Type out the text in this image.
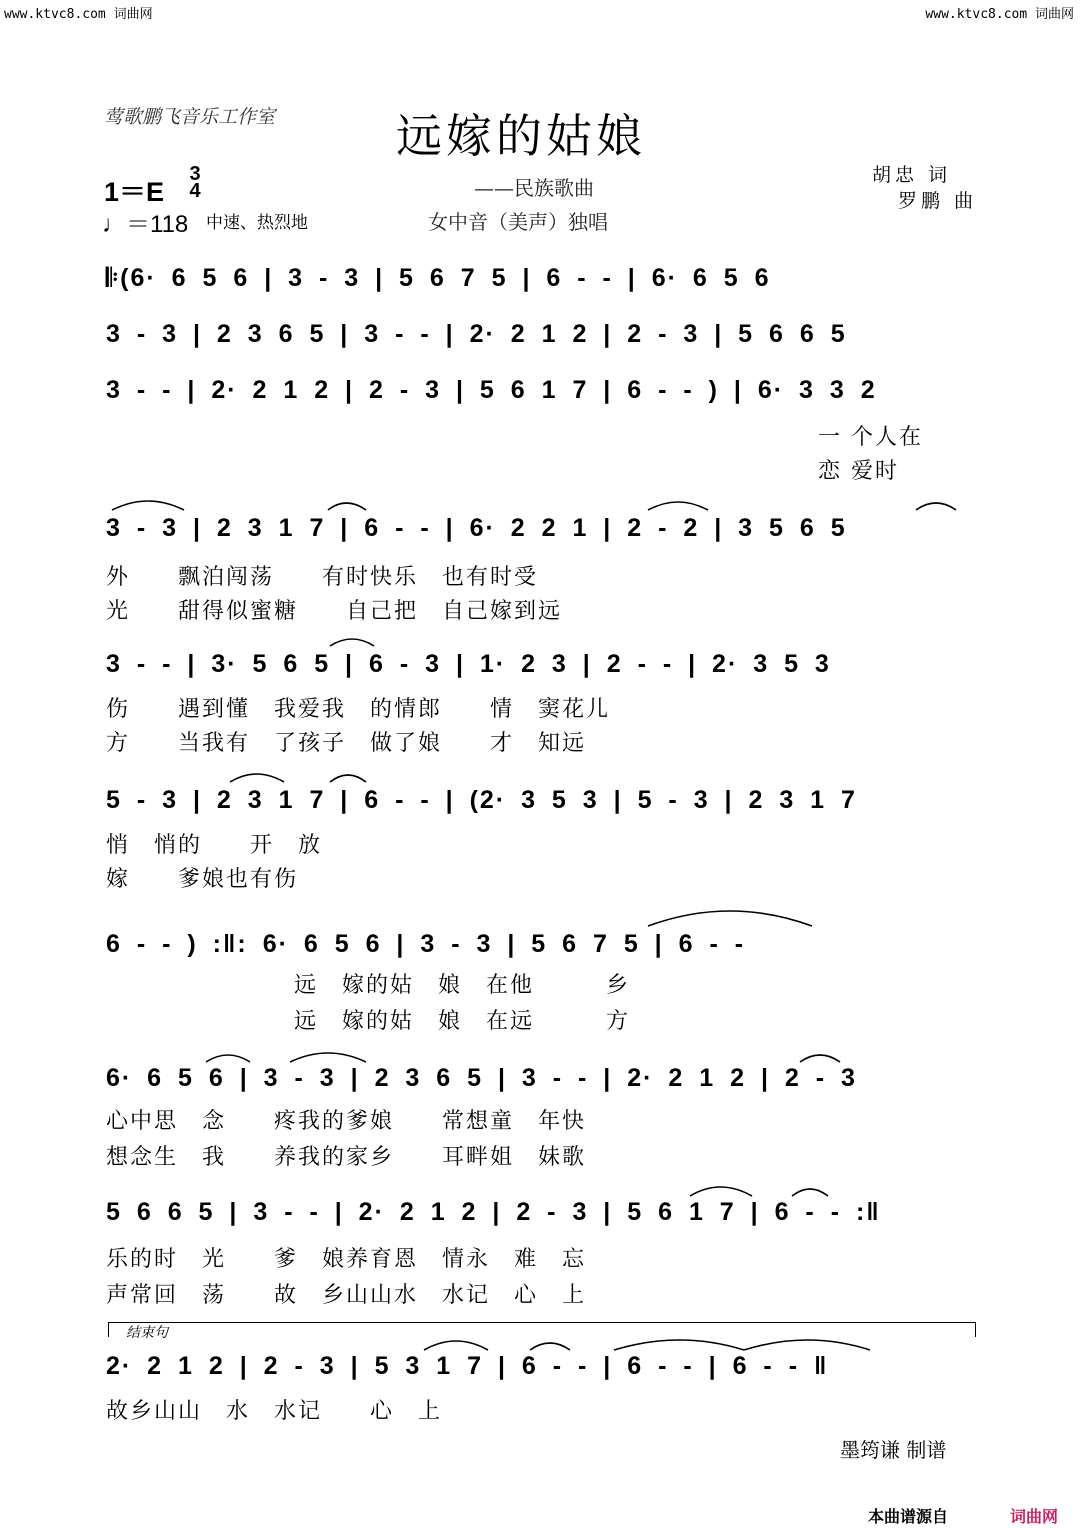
www.ktvc8.com 词曲网	www.ktvc8.com 词曲网
莺歌鹏飞音乐工作室	远嫁的姑娘
——民族歌曲
女中音（美声）独唱
胡忠 词
罗鹏 曲
1＝E
3
4
♩＝118 中速、热烈地
𝄆(6· 6 5 6 | 3 - 3 | 5 6 7 5 | 6 - - | 6· 6 5 6
3 - 3 | 2 3 6 5 | 3 - - | 2· 2 1 2 | 2 - 3 | 5 6 6 5
3 - - | 2· 2 1 2 | 2 - 3 | 5 6 1 7 | 6 - - ) | 6· 3 3 2
一 个人在
恋 爱时
3 - 3 | 2 3 1 7 | 6 - - | 6· 2 2 1 | 2 - 2 | 3 5 6 5
外　　飘泊闯荡　　有时快乐　也有时受
光　　甜得似蜜糖　　自己把　自己嫁到远
3 - - | 3· 5 6 5 | 6 - 3 | 1· 2 3 | 2 - - | 2· 3 5 3
伤　　遇到懂　我爱我　的情郎　　情　窦花儿
方　　当我有　了孩子　做了娘　　才　知远
5 - 3 | 2 3 1 7 | 6 - - | (2· 3 5 3 | 5 - 3 | 2 3 1 7
悄　悄的　　开　放
嫁　　爹娘也有伤
6 - - ) :‖: 6· 6 5 6 | 3 - 3 | 5 6 7 5 | 6 - -
远　嫁的姑　娘　在他　　　乡
远　嫁的姑　娘　在远　　　方
6· 6 5 6 | 3 - 3 | 2 3 6 5 | 3 - - | 2· 2 1 2 | 2 - 3
心中思　念　　疼我的爹娘　　常想童　年快
想念生　我　　养我的家乡　　耳畔姐　妹歌
5 6 6 5 | 3 - - | 2· 2 1 2 | 2 - 3 | 5 6 1 7 | 6 - - :‖
乐的时　光　　爹　娘养育恩　情永　难　忘
声常回　荡　　故　乡山山水　水记　心　上
结束句
2· 2 1 2 | 2 - 3 | 5 3 1 7 | 6 - - | 6 - - | 6 - - ‖
故乡山山　水　水记　　心　上
墨筠谦 制谱
本曲谱源自	词曲网
